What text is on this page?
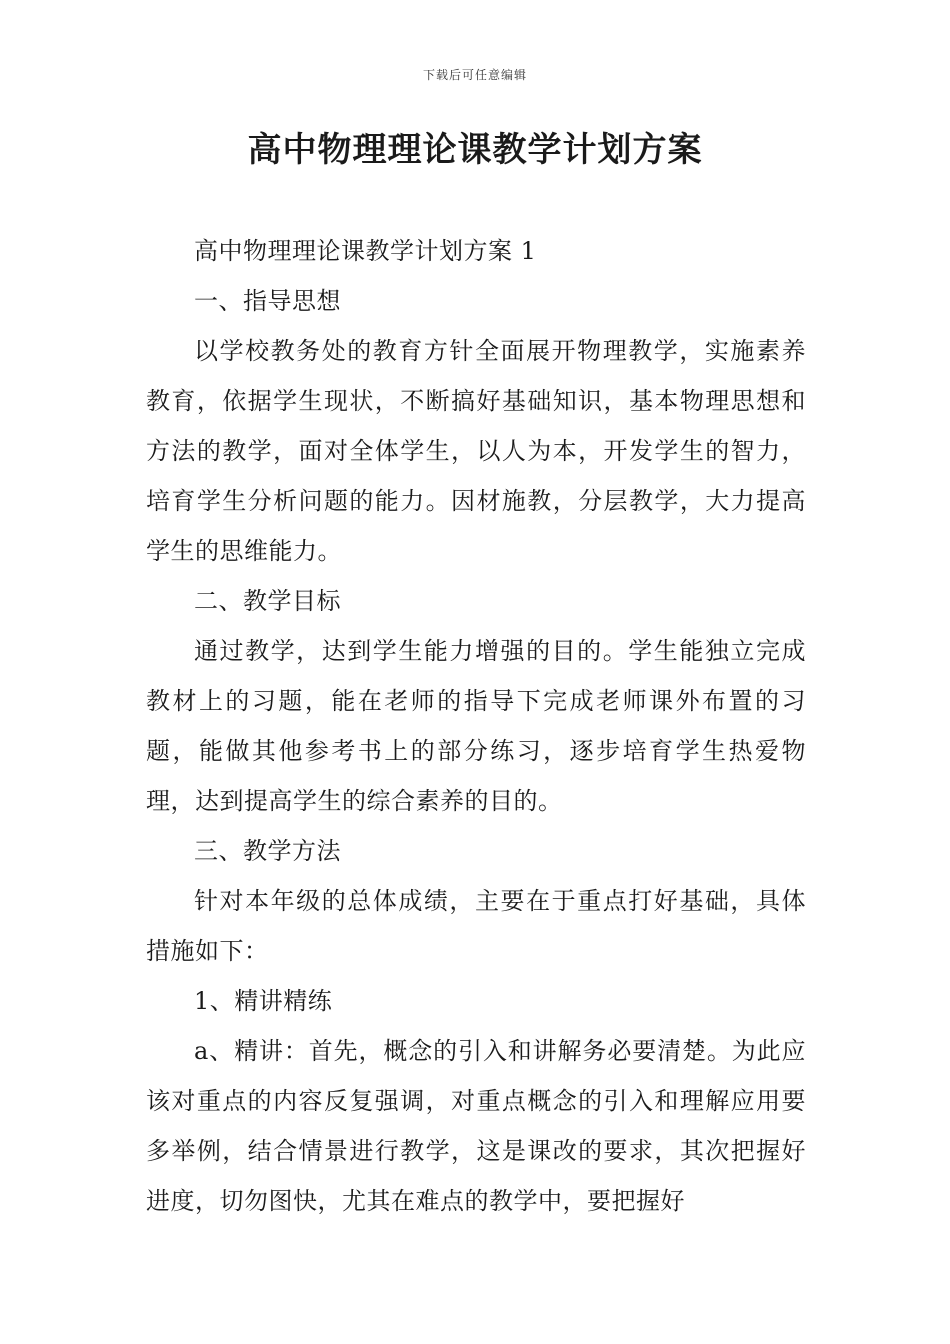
下载后可任意编辑
高中物理理论课教学计划方案

高中物理理论课教学计划方案 1

一、指导思想

以学校教务处的教育方针全面展开物理教学，实施素养教育，依据学生现状，不断搞好基础知识，基本物理思想和方法的教学，面对全体学生，以人为本，开发学生的智力，培育学生分析问题的能力。因材施教，分层教学，大力提高学生的思维能力。

二、教学目标

通过教学，达到学生能力增强的目的。学生能独立完成教材上的习题，能在老师的指导下完成老师课外布置的习题，能做其他参考书上的部分练习，逐步培育学生热爱物理，达到提高学生的综合素养的目的。

三、教学方法

针对本年级的总体成绩，主要在于重点打好基础，具体措施如下：

1、精讲精练

a、精讲：首先，概念的引入和讲解务必要清楚。为此应该对重点的内容反复强调，对重点概念的引入和理解应用要多举例，结合情景进行教学，这是课改的要求，其次把握好进度，切勿图快，尤其在难点的教学中，要把握好
